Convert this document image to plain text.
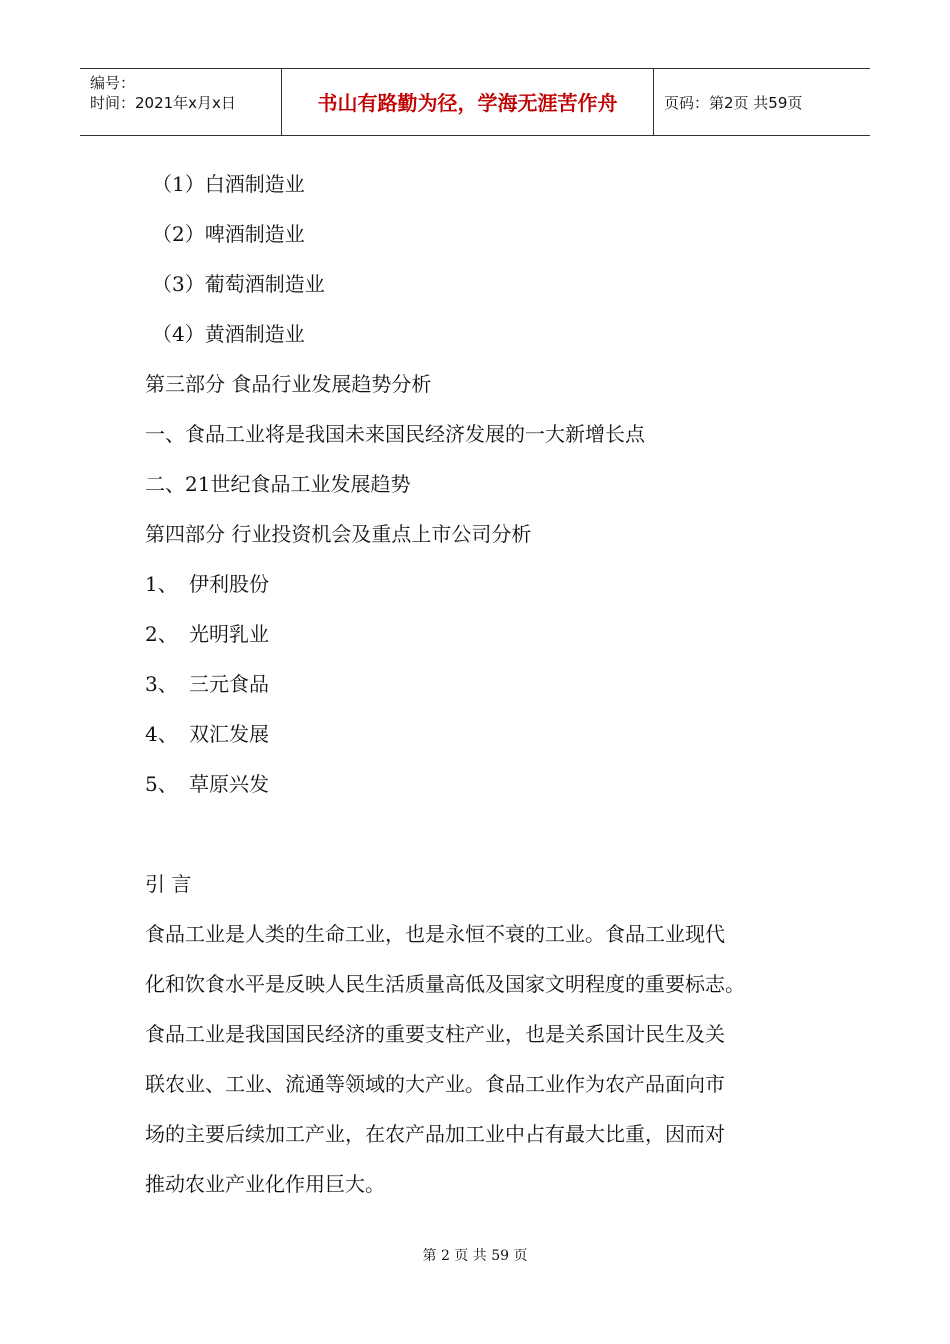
编号：
时间：2021年x月x日	书山有路勤为径，学海无涯苦作舟	页码：第2页 共59页
（1）白酒制造业
（2）啤酒制造业
（3）葡萄酒制造业
（4）黄酒制造业
第三部分 食品行业发展趋势分析
一、食品工业将是我国未来国民经济发展的一大新增长点
二、21世纪食品工业发展趋势
第四部分 行业投资机会及重点上市公司分析
1、 伊利股份
2、 光明乳业
3、 三元食品
4、 双汇发展
5、 草原兴发
引 言
食品工业是人类的生命工业，也是永恒不衰的工业。食品工业现代
化和饮食水平是反映人民生活质量高低及国家文明程度的重要标志。
食品工业是我国国民经济的重要支柱产业，也是关系国计民生及关
联农业、工业、流通等领域的大产业。食品工业作为农产品面向市
场的主要后续加工产业，在农产品加工业中占有最大比重，因而对
推动农业产业化作用巨大。
第 2 页 共 59 页
